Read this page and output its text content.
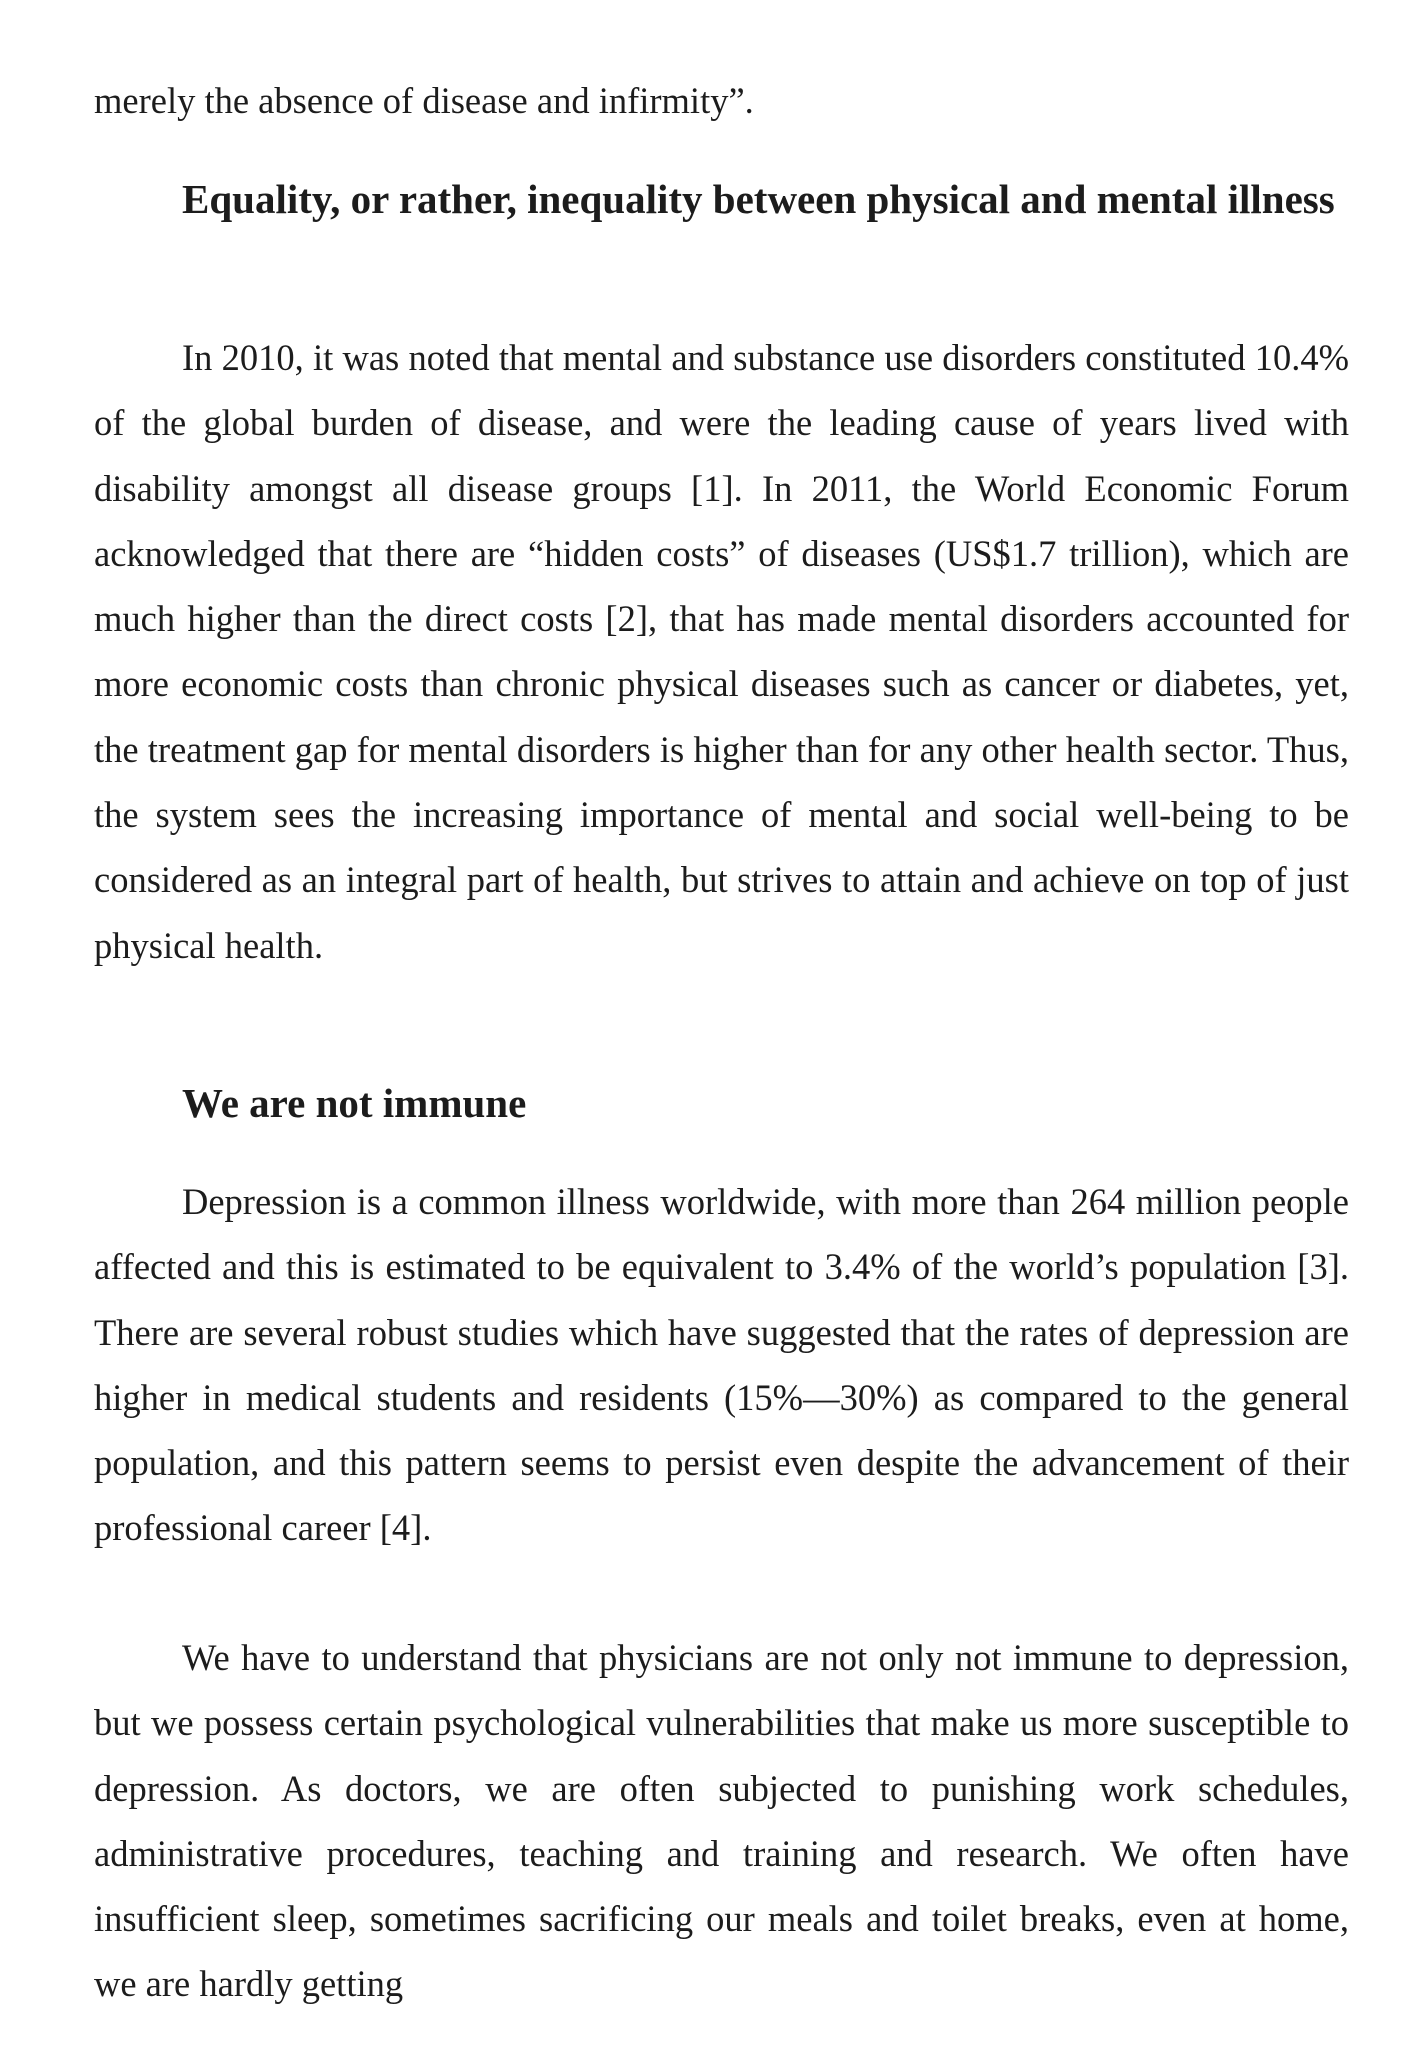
merely the absence of disease and infirmity”.

Equality, or rather, inequality between physical and mental illness

In 2010, it was noted that mental and substance use disorders constituted 10.4% of the global burden of disease, and were the leading cause of years lived with disability amongst all disease groups [1]. In 2011, the World Economic Forum acknowledged that there are “hidden costs” of diseases (US$1.7 trillion), which are much higher than the direct costs [2], that has made mental disorders accounted for more economic costs than chronic physical diseases such as cancer or diabetes, yet, the treatment gap for mental disorders is higher than for any other health sector. Thus, the system sees the increasing importance of mental and social well-being to be considered as an integral part of health, but strives to attain and achieve on top of just physical health.

We are not immune

Depression is a common illness worldwide, with more than 264 million people affected and this is estimated to be equivalent to 3.4% of the world’s population [3]. There are several robust studies which have suggested that the rates of depression are higher in medical students and residents (15%—30%) as compared to the general population, and this pattern seems to persist even despite the advancement of their professional career [4].

We have to understand that physicians are not only not immune to depression, but we possess certain psychological vulnerabilities that make us more susceptible to depression. As doctors, we are often subjected to punishing work schedules, administrative procedures, teaching and training and research. We often have insufficient sleep, sometimes sacrificing our meals and toilet breaks, even at home, we are hardly getting
